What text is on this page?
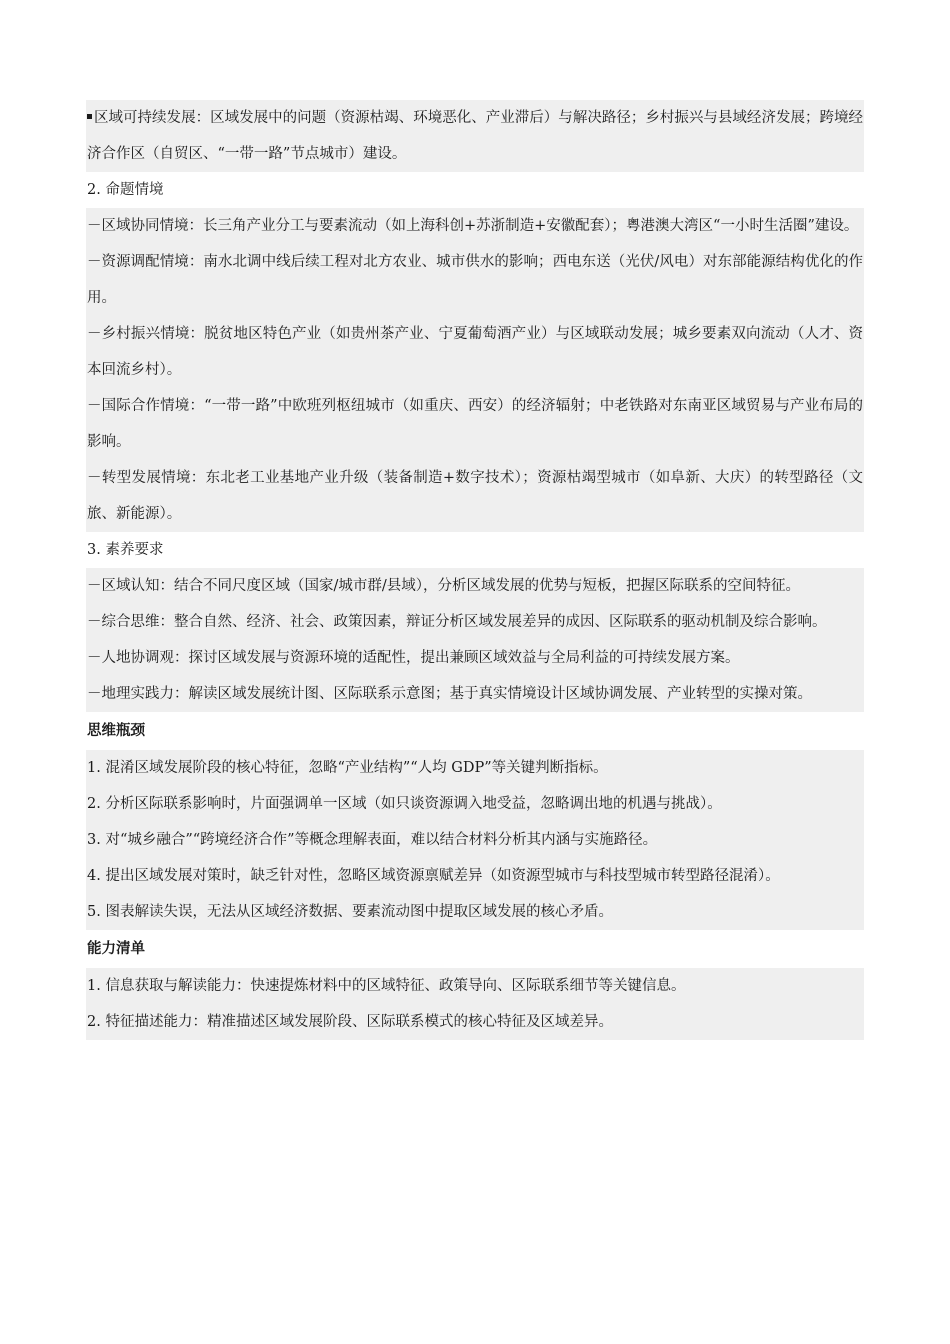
区域可持续发展：区域发展中的问题（资源枯竭、环境恶化、产业滞后）与解决路径；乡村振兴与县域经济发展；跨境经济合作区（自贸区、“一带一路”节点城市）建设。

2. 命题情境

－区域协同情境：长三角产业分工与要素流动（如上海科创+苏浙制造+安徽配套）；粤港澳大湾区“一小时生活圈”建设。

－资源调配情境：南水北调中线后续工程对北方农业、城市供水的影响；西电东送（光伏/风电）对东部能源结构优化的作用。

－乡村振兴情境：脱贫地区特色产业（如贵州茶产业、宁夏葡萄酒产业）与区域联动发展；城乡要素双向流动（人才、资本回流乡村）。

－国际合作情境：“一带一路”中欧班列枢纽城市（如重庆、西安）的经济辐射；中老铁路对东南亚区域贸易与产业布局的影响。

－转型发展情境：东北老工业基地产业升级（装备制造+数字技术）；资源枯竭型城市（如阜新、大庆）的转型路径（文旅、新能源）。

3. 素养要求

－区域认知：结合不同尺度区域（国家/城市群/县域），分析区域发展的优势与短板，把握区际联系的空间特征。

－综合思维：整合自然、经济、社会、政策因素，辩证分析区域发展差异的成因、区际联系的驱动机制及综合影响。

－人地协调观：探讨区域发展与资源环境的适配性，提出兼顾区域效益与全局利益的可持续发展方案。

－地理实践力：解读区域发展统计图、区际联系示意图；基于真实情境设计区域协调发展、产业转型的实操对策。

思维瓶颈

1. 混淆区域发展阶段的核心特征，忽略“产业结构”“人均 GDP”等关键判断指标。

2. 分析区际联系影响时，片面强调单一区域（如只谈资源调入地受益，忽略调出地的机遇与挑战）。

3. 对“城乡融合”“跨境经济合作”等概念理解表面，难以结合材料分析其内涵与实施路径。

4. 提出区域发展对策时，缺乏针对性，忽略区域资源禀赋差异（如资源型城市与科技型城市转型路径混淆）。

5. 图表解读失误，无法从区域经济数据、要素流动图中提取区域发展的核心矛盾。

能力清单

1. 信息获取与解读能力：快速提炼材料中的区域特征、政策导向、区际联系细节等关键信息。

2. 特征描述能力：精准描述区域发展阶段、区际联系模式的核心特征及区域差异。
